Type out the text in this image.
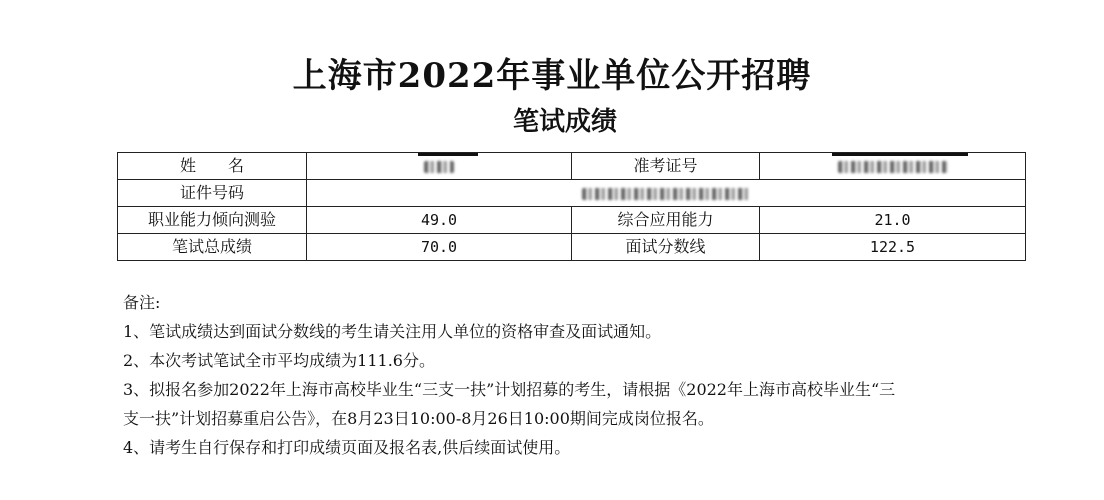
上海市2022年事业单位公开招聘
笔试成绩
姓　　名		准考证号	
证件号码	
职业能力倾向测验	49.0	综合应用能力	21.0
笔试总成绩	70.0	面试分数线	122.5

备注:

1、笔试成绩达到面试分数线的考生请关注用人单位的资格审查及面试通知。

2、本次考试笔试全市平均成绩为111.6分。

3、拟报名参加2022年上海市高校毕业生“三支一扶”计划招募的考生，请根据《2022年上海市高校毕业生“三

支一扶”计划招募重启公告》，在8月23日10:00-8月26日10:00期间完成岗位报名。

4、请考生自行保存和打印成绩页面及报名表,供后续面试使用。
